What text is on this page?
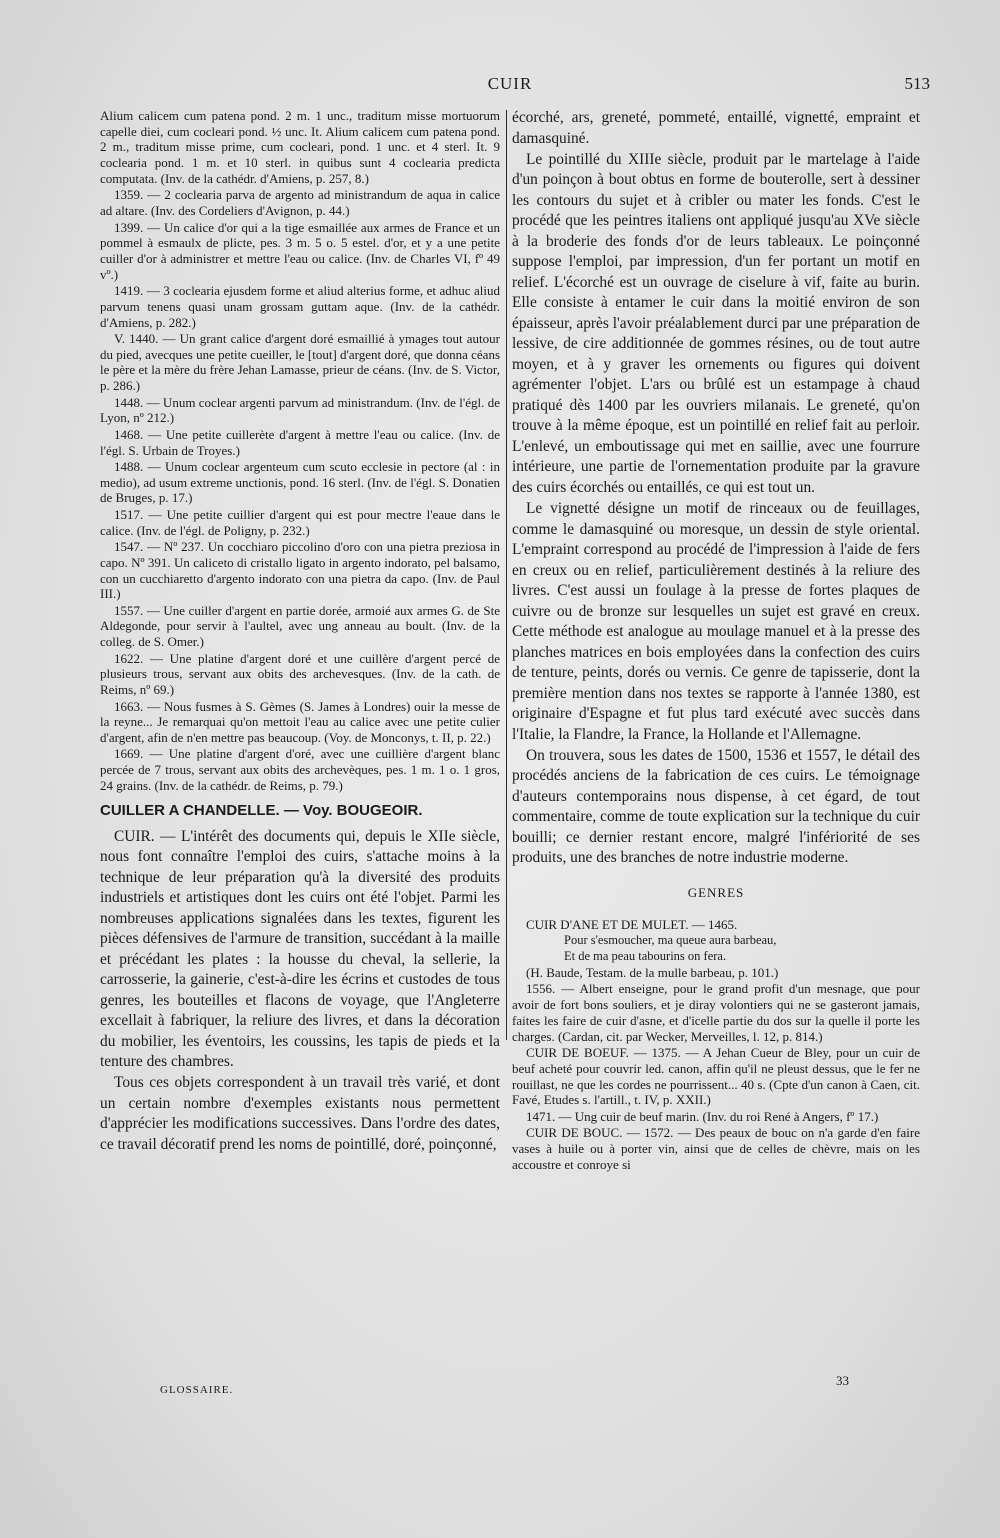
CUIR	513

Alium calicem cum patena pond. 2 m. 1 unc., traditum misse mortuorum capelle diei, cum cocleari pond. ½ unc. It. Alium calicem cum patena pond. 2 m., traditum misse prime, cum cocleari, pond. 1 unc. et 4 sterl. It. 9 coclearia pond. 1 m. et 10 sterl. in quibus sunt 4 coclearia predicta computata. (Inv. de la cathédr. d'Amiens, p. 257, 8.)

1359. — 2 coclearia parva de argento ad ministrandum de aqua in calice ad altare. (Inv. des Cordeliers d'Avignon, p. 44.)

1399. — Un calice d'or qui a la tige esmaillée aux armes de France et un pommel à esmaulx de plicte, pes. 3 m. 5 o. 5 estel. d'or, et y a une petite cuiller d'or à administrer et mettre l'eau ou calice. (Inv. de Charles VI, fº 49 vº.)

1419. — 3 coclearia ejusdem forme et aliud alterius forme, et adhuc aliud parvum tenens quasi unam grossam guttam aque. (Inv. de la cathédr. d'Amiens, p. 282.)

V. 1440. — Un grant calice d'argent doré esmaillié à ymages tout autour du pied, avecques une petite cueiller, le [tout] d'argent doré, que donna céans le père et la mère du frère Jehan Lamasse, prieur de céans. (Inv. de S. Victor, p. 286.)

1448. — Unum coclear argenti parvum ad ministrandum. (Inv. de l'égl. de Lyon, nº 212.)

1468. — Une petite cuillerète d'argent à mettre l'eau ou calice. (Inv. de l'égl. S. Urbain de Troyes.)

1488. — Unum coclear argenteum cum scuto ecclesie in pectore (al : in medio), ad usum extreme unctionis, pond. 16 sterl. (Inv. de l'égl. S. Donatien de Bruges, p. 17.)

1517. — Une petite cuillier d'argent qui est pour mectre l'eaue dans le calice. (Inv. de l'égl. de Poligny, p. 232.)

1547. — Nº 237. Un cocchiaro piccolino d'oro con una pietra preziosa in capo. Nº 391. Un caliceto di cristallo ligato in argento indorato, pel balsamo, con un cucchiaretto d'argento indorato con una pietra da capo. (Inv. de Paul III.)

1557. — Une cuiller d'argent en partie dorée, armoié aux armes G. de Ste Aldegonde, pour servir à l'aultel, avec ung anneau au boult. (Inv. de la colleg. de S. Omer.)

1622. — Une platine d'argent doré et une cuillère d'argent percé de plusieurs trous, servant aux obits des archevesques. (Inv. de la cath. de Reims, nº 69.)

1663. — Nous fusmes à S. Gèmes (S. James à Londres) ouir la messe de la reyne... Je remarquai qu'on mettoit l'eau au calice avec une petite culier d'argent, afin de n'en mettre pas beaucoup. (Voy. de Monconys, t. II, p. 22.)

1669. — Une platine d'argent d'oré, avec une cuillière d'argent blanc percée de 7 trous, servant aux obits des archevèques, pes. 1 m. 1 o. 1 gros, 24 grains. (Inv. de la cathédr. de Reims, p. 79.)

CUILLER A CHANDELLE. — Voy. BOUGEOIR.

CUIR. — L'intérêt des documents qui, depuis le XIIe siècle, nous font connaître l'emploi des cuirs, s'attache moins à la technique de leur préparation qu'à la diversité des produits industriels et artistiques dont les cuirs ont été l'objet. Parmi les nombreuses applications signalées dans les textes, figurent les pièces défensives de l'armure de transition, succédant à la maille et précédant les plates : la housse du cheval, la sellerie, la carrosserie, la gainerie, c'est-à-dire les écrins et custodes de tous genres, les bouteilles et flacons de voyage, que l'Angleterre excellait à fabriquer, la reliure des livres, et dans la décoration du mobilier, les éventoirs, les coussins, les tapis de pieds et la tenture des chambres.

Tous ces objets correspondent à un travail très varié, et dont un certain nombre d'exemples existants nous permettent d'apprécier les modifications successives. Dans l'ordre des dates, ce travail décoratif prend les noms de pointillé, doré, poinçonné,

écorché, ars, greneté, pommeté, entaillé, vignetté, empraint et damasquiné.

Le pointillé du XIIIe siècle, produit par le martelage à l'aide d'un poinçon à bout obtus en forme de bouterolle, sert à dessiner les contours du sujet et à cribler ou mater les fonds. C'est le procédé que les peintres italiens ont appliqué jusqu'au XVe siècle à la broderie des fonds d'or de leurs tableaux. Le poinçonné suppose l'emploi, par impression, d'un fer portant un motif en relief. L'écorché est un ouvrage de ciselure à vif, faite au burin. Elle consiste à entamer le cuir dans la moitié environ de son épaisseur, après l'avoir préalablement durci par une préparation de lessive, de cire additionnée de gommes résines, ou de tout autre moyen, et à y graver les ornements ou figures qui doivent agrémenter l'objet. L'ars ou brûlé est un estampage à chaud pratiqué dès 1400 par les ouvriers milanais. Le greneté, qu'on trouve à la même époque, est un pointillé en relief fait au perloir. L'enlevé, un emboutissage qui met en saillie, avec une fourrure intérieure, une partie de l'ornementation produite par la gravure des cuirs écorchés ou entaillés, ce qui est tout un.

Le vignetté désigne un motif de rinceaux ou de feuillages, comme le damasquiné ou moresque, un dessin de style oriental. L'empraint correspond au procédé de l'impression à l'aide de fers en creux ou en relief, particulièrement destinés à la reliure des livres. C'est aussi un foulage à la presse de fortes plaques de cuivre ou de bronze sur lesquelles un sujet est gravé en creux. Cette méthode est analogue au moulage manuel et à la presse des planches matrices en bois employées dans la confection des cuirs de tenture, peints, dorés ou vernis. Ce genre de tapisserie, dont la première mention dans nos textes se rapporte à l'année 1380, est originaire d'Espagne et fut plus tard exécuté avec succès dans l'Italie, la Flandre, la France, la Hollande et l'Allemagne.

On trouvera, sous les dates de 1500, 1536 et 1557, le détail des procédés anciens de la fabrication de ces cuirs. Le témoignage d'auteurs contemporains nous dispense, à cet égard, de tout commentaire, comme de toute explication sur la technique du cuir bouilli; ce dernier restant encore, malgré l'infériorité de ses produits, une des branches de notre industrie moderne.

GENRES

CUIR D'ANE ET DE MULET. — 1465.

Pour s'esmoucher, ma queue aura barbeau,

Et de ma peau tabourins on fera.

(H. Baude, Testam. de la mulle barbeau, p. 101.)

1556. — Albert enseigne, pour le grand profit d'un mesnage, que pour avoir de fort bons souliers, et je diray volontiers qui ne se gasteront jamais, faites les faire de cuir d'asne, et d'icelle partie du dos sur la quelle il porte les charges. (Cardan, cit. par Wecker, Merveilles, l. 12, p. 814.)

CUIR DE BOEUF. — 1375. — A Jehan Cueur de Bley, pour un cuir de beuf acheté pour couvrir led. canon, affin qu'il ne pleust dessus, que le fer ne rouillast, ne que les cordes ne pourrissent... 40 s. (Cpte d'un canon à Caen, cit. Favé, Etudes s. l'artill., t. IV, p. XXII.)

1471. — Ung cuir de beuf marin. (Inv. du roi René à Angers, fº 17.)

CUIR DE BOUC. — 1572. — Des peaux de bouc on n'a garde d'en faire vases à huile ou à porter vin, ainsi que de celles de chèvre, mais on les accoustre et conroye si

GLOSSAIRE.
33
